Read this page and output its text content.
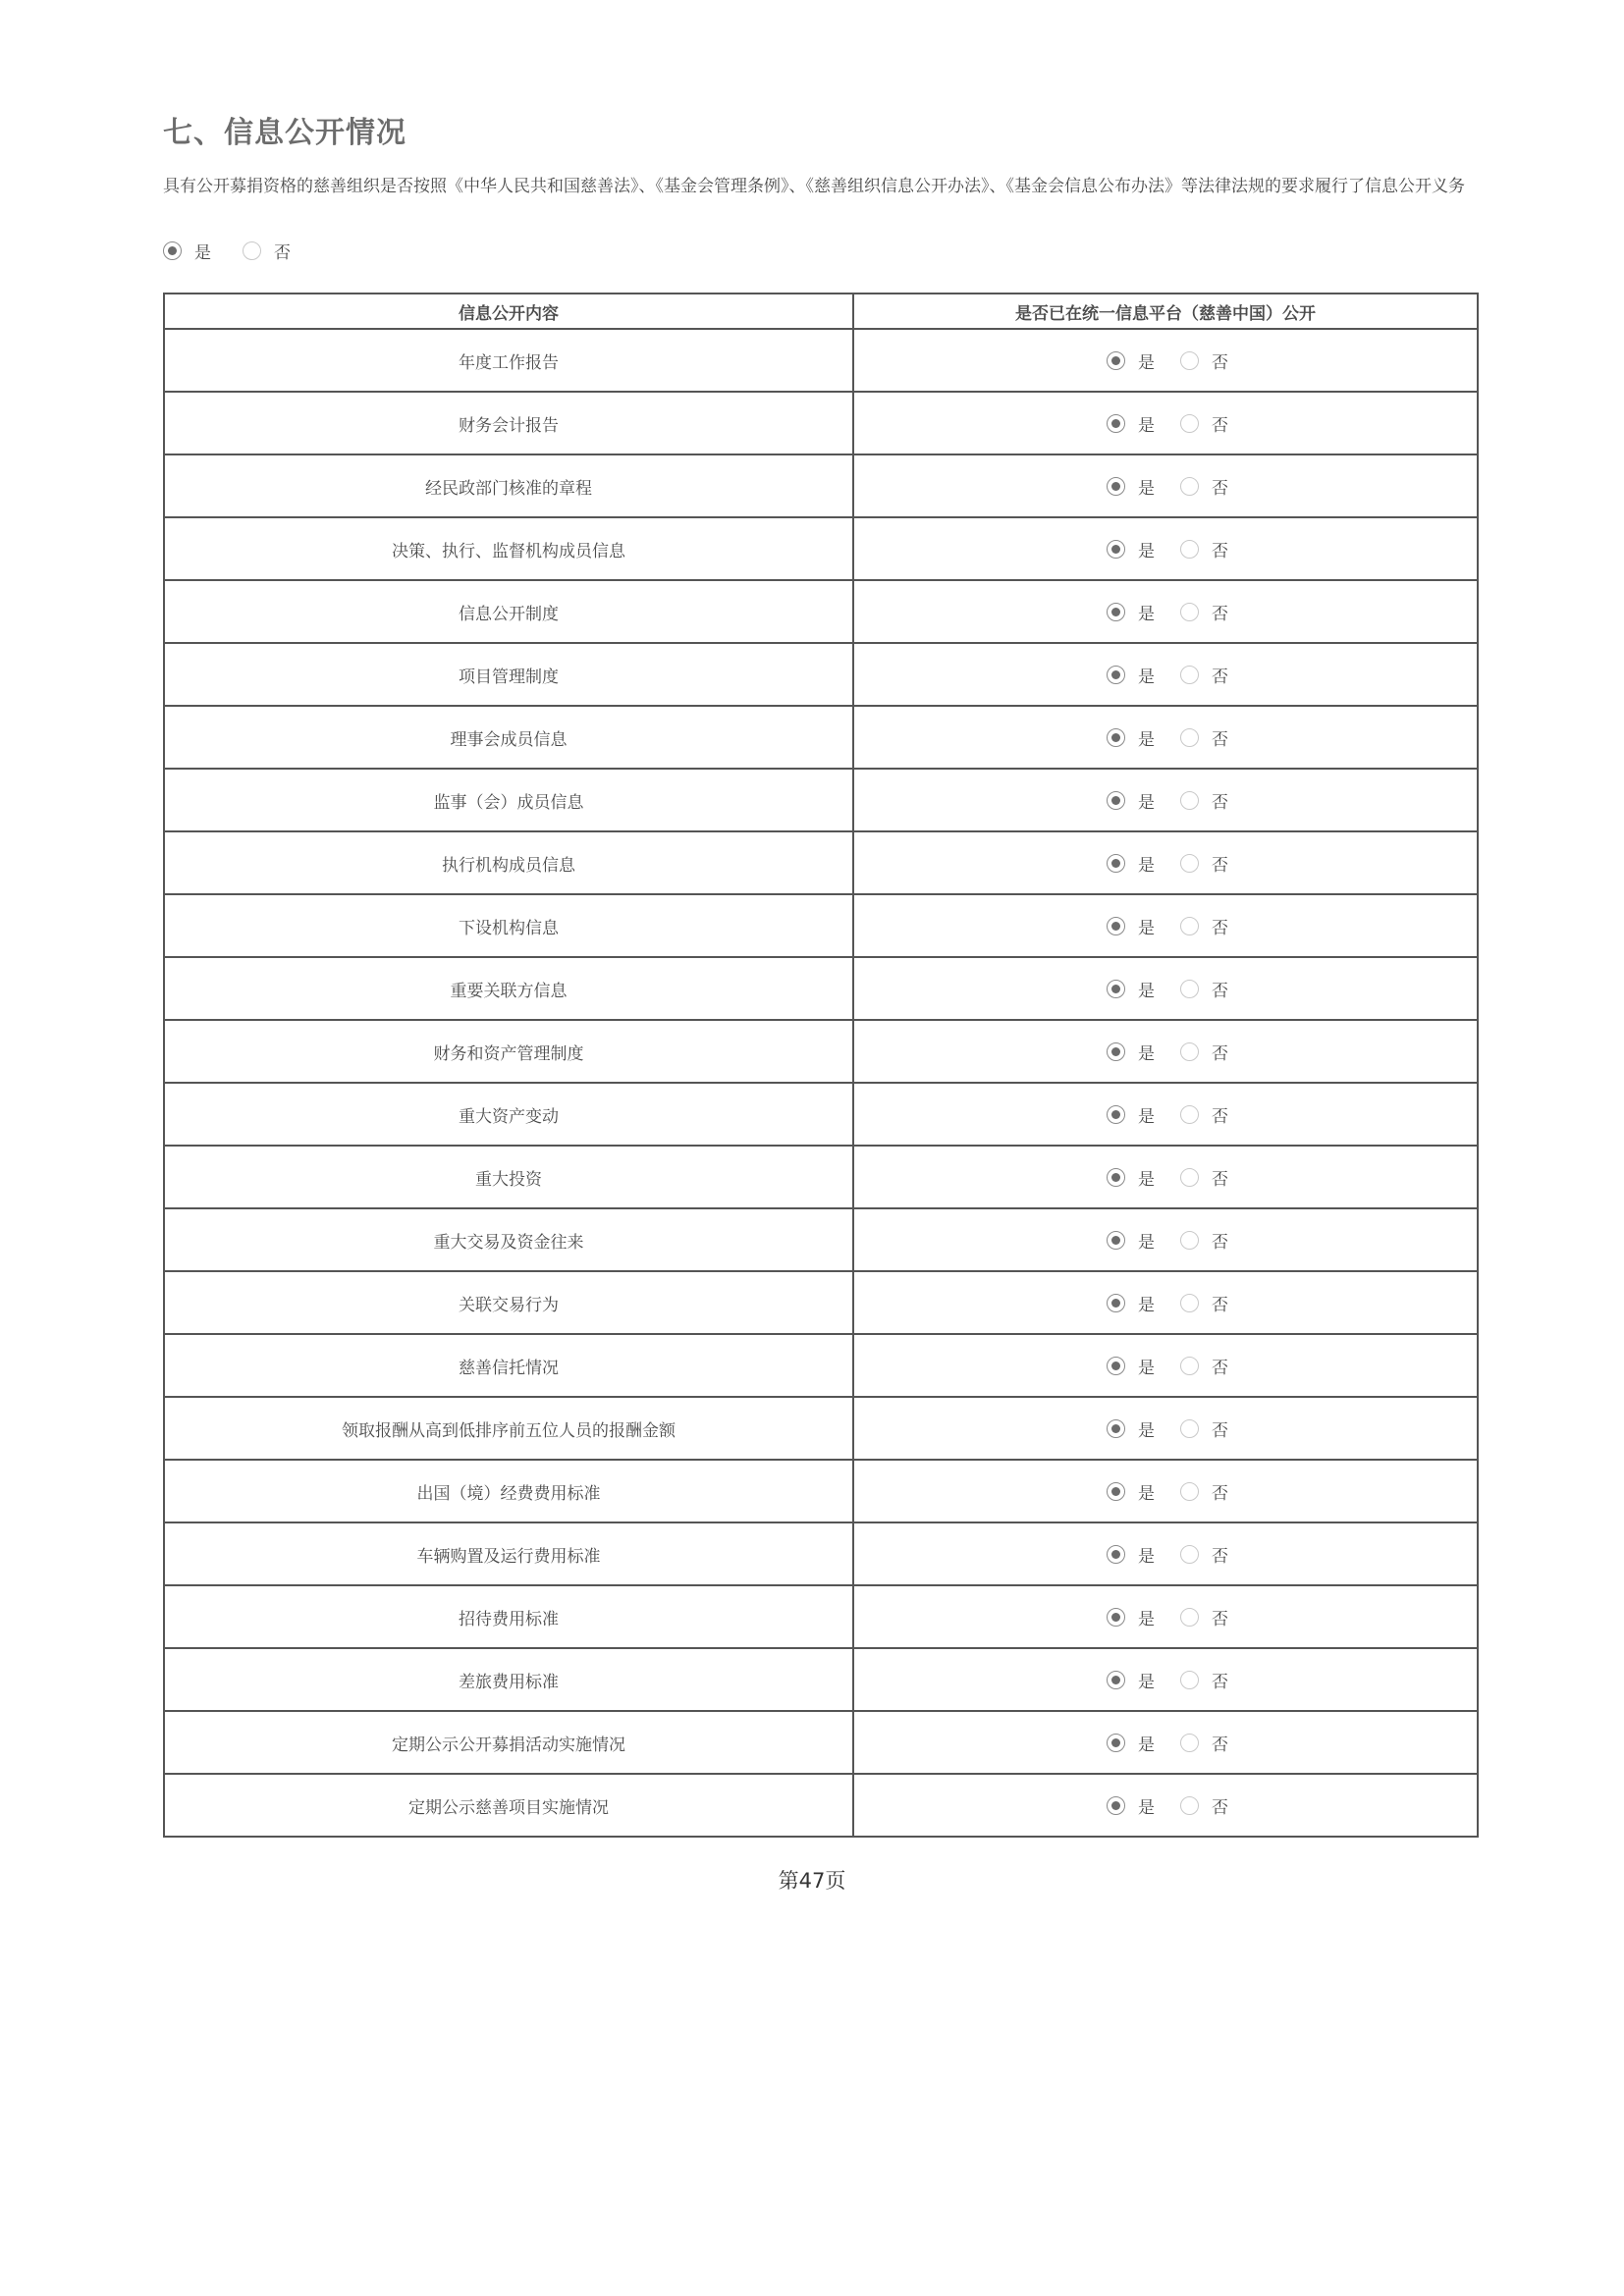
七、信息公开情况
具有公开募捐资格的慈善组织是否按照《中华人民共和国慈善法》、《基金会管理条例》、《慈善组织信息公开办法》、《基金会信息公布办法》等法律法规的要求履行了信息公开义务
是	否
信息公开内容	是否已在统一信息平台（慈善中国）公开
年度工作报告	是 否

财务会计报告	是 否

经民政部门核准的章程	是 否

决策、执行、监督机构成员信息	是 否

信息公开制度	是 否

项目管理制度	是 否

理事会成员信息	是 否

监事（会）成员信息	是 否

执行机构成员信息	是 否

下设机构信息	是 否

重要关联方信息	是 否

财务和资产管理制度	是 否

重大资产变动	是 否

重大投资	是 否

重大交易及资金往来	是 否

关联交易行为	是 否

慈善信托情况	是 否

领取报酬从高到低排序前五位人员的报酬金额	是 否

出国（境）经费费用标准	是 否

车辆购置及运行费用标准	是 否

招待费用标准	是 否

差旅费用标准	是 否

定期公示公开募捐活动实施情况	是 否

定期公示慈善项目实施情况	是 否
第47页
